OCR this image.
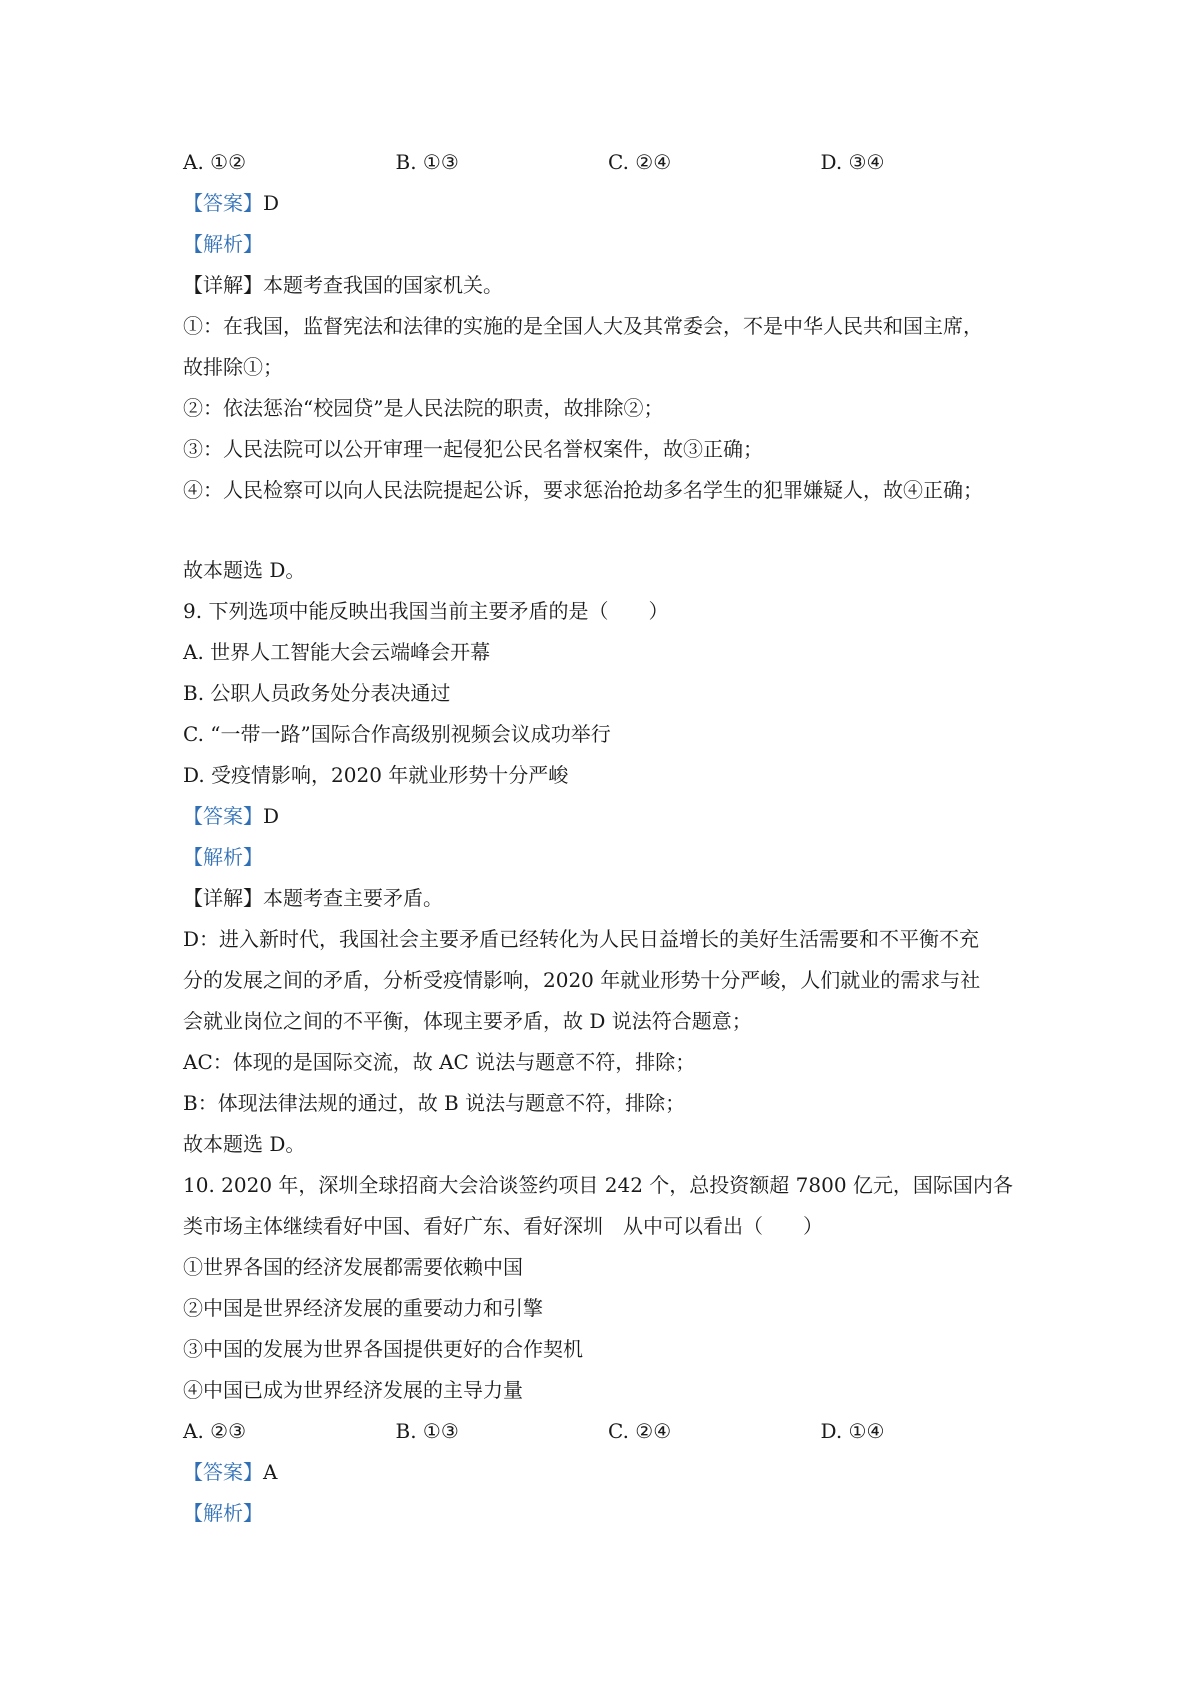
A. ①②	B. ①③	C. ②④	D. ③④
【答案】D
【解析】
【详解】本题考查我国的国家机关。
①：在我国，监督宪法和法律的实施的是全国人大及其常委会，不是中华人民共和国主席，
故排除①；
②：依法惩治“校园贷”是人民法院的职责，故排除②；
③：人民法院可以公开审理一起侵犯公民名誉权案件，故③正确；
④：人民检察可以向人民法院提起公诉，要求惩治抢劫多名学生的犯罪嫌疑人，故④正确；
故本题选 D。
9. 下列选项中能反映出我国当前主要矛盾的是（　　）
A. 世界人工智能大会云端峰会开幕
B. 公职人员政务处分表决通过
C. “一带一路”国际合作高级别视频会议成功举行
D. 受疫情影响，2020 年就业形势十分严峻
【答案】D
【解析】
【详解】本题考查主要矛盾。
D：进入新时代，我国社会主要矛盾已经转化为人民日益增长的美好生活需要和不平衡不充
分的发展之间的矛盾，分析受疫情影响，2020 年就业形势十分严峻，人们就业的需求与社
会就业岗位之间的不平衡，体现主要矛盾，故 D 说法符合题意；
AC：体现的是国际交流，故 AC 说法与题意不符，排除；
B：体现法律法规的通过，故 B 说法与题意不符，排除；
故本题选 D。
10. 2020 年，深圳全球招商大会洽谈签约项目 242 个，总投资额超 7800 亿元，国际国内各
类市场主体继续看好中国、看好广东、看好深圳　从中可以看出（　　）
①世界各国的经济发展都需要依赖中国
②中国是世界经济发展的重要动力和引擎
③中国的发展为世界各国提供更好的合作契机
④中国已成为世界经济发展的主导力量
A. ②③	B. ①③	C. ②④	D. ①④
【答案】A
【解析】
